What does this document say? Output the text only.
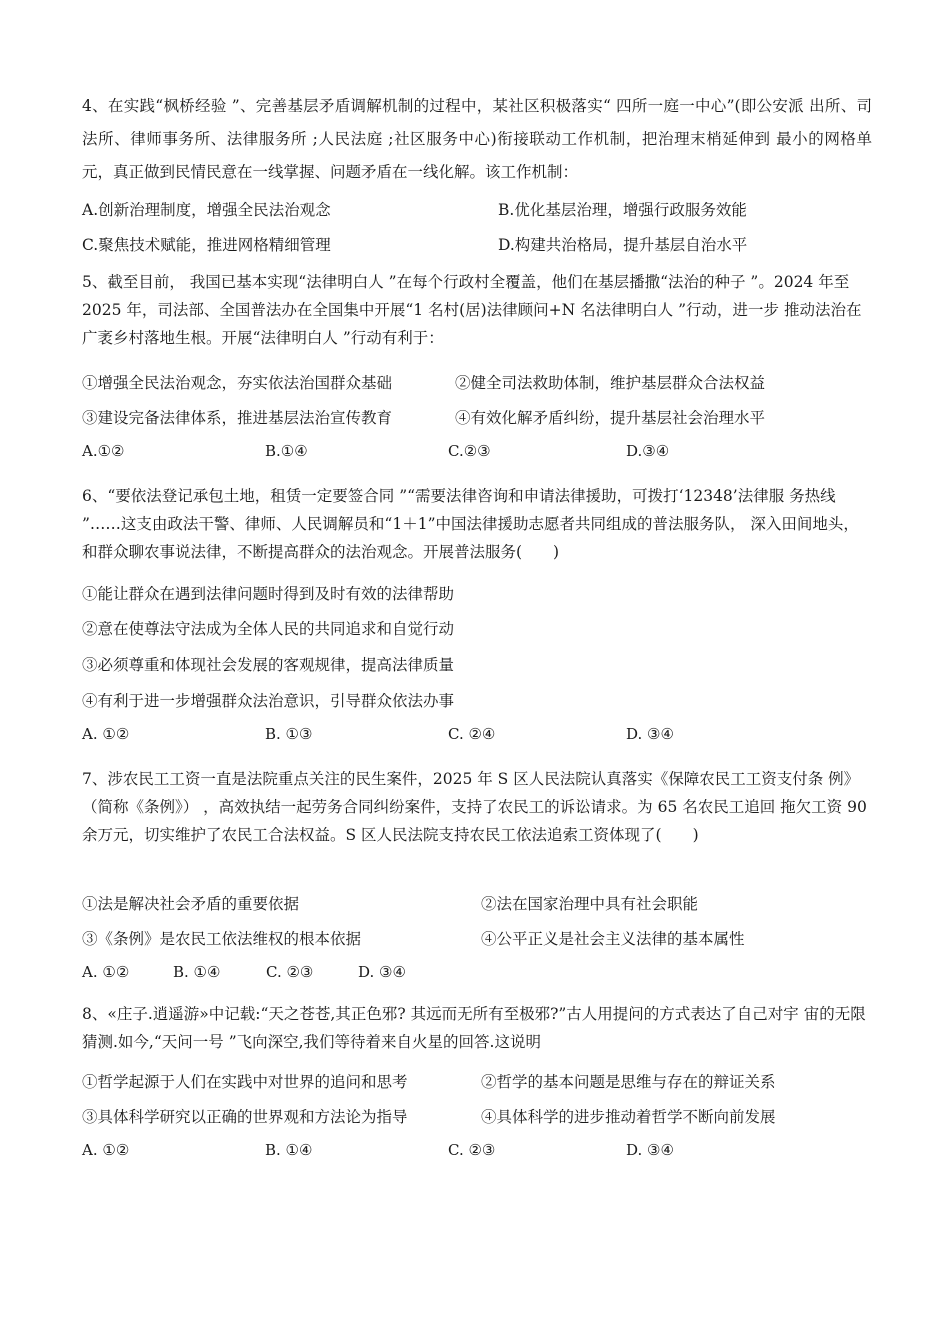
4、在实践“枫桥经验 ”、完善基层矛盾调解机制的过程中，某社区积极落实“ 四所一庭一中心”(即公安派 出所、司法所、律师事务所、法律服务所 ;人民法庭 ;社区服务中心)衔接联动工作机制，把治理末梢延伸到 最小的网格单元，真正做到民情民意在一线掌握、问题矛盾在一线化解。该工作机制：
A.创新治理制度，增强全民法治观念	B.优化基层治理，增强行政服务效能
C.聚焦技术赋能，推进网格精细管理	D.构建共治格局，提升基层自治水平
5、截至目前， 我国已基本实现“法律明白人 ”在每个行政村全覆盖，他们在基层播撒“法治的种子 ”。2024 年至 2025 年，司法部、全国普法办在全国集中开展“1 名村(居)法律顾问+N 名法律明白人 ”行动，进一步 推动法治在广袤乡村落地生根。开展“法律明白人 ”行动有利于：
①增强全民法治观念，夯实依法治国群众基础	②健全司法救助体制，维护基层群众合法权益
③建设完备法律体系，推进基层法治宣传教育	④有效化解矛盾纠纷，提升基层社会治理水平
A.①②	B.①④	C.②③	D.③④
6、“要依法登记承包土地，租赁一定要签合同 ”“需要法律咨询和申请法律援助，可拨打‘12348’法律服 务热线 ”……这支由政法干警、律师、人民调解员和“1＋1”中国法律援助志愿者共同组成的普法服务队， 深入田间地头，和群众聊农事说法律，不断提高群众的法治观念。开展普法服务(　　)
①能让群众在遇到法律问题时得到及时有效的法律帮助
②意在使尊法守法成为全体人民的共同追求和自觉行动
③必须尊重和体现社会发展的客观规律，提高法律质量
④有利于进一步增强群众法治意识，引导群众依法办事
A. ①②	B. ①③	C. ②④	D. ③④
7、涉农民工工资一直是法院重点关注的民生案件，2025 年 S 区人民法院认真落实《保障农民工工资支付条 例》（简称《条例》） ，高效执结一起劳务合同纠纷案件，支持了农民工的诉讼请求。为 65 名农民工追回 拖欠工资 90 余万元，切实维护了农民工合法权益。S 区人民法院支持农民工依法追索工资体现了(　　)
①法是解决社会矛盾的重要依据	②法在国家治理中具有社会职能
③《条例》是农民工依法维权的根本依据	④公平正义是社会主义法律的基本属性
A. ①②	B. ①④	C. ②③	D. ③④
8、«庄子.逍遥游»中记载:“天之苍苍,其正色邪? 其远而无所有至极邪?”古人用提问的方式表达了自己对宇 宙的无限猜测.如今,“天问一号 ”飞向深空,我们等待着来自火星的回答.这说明
①哲学起源于人们在实践中对世界的追问和思考	②哲学的基本问题是思维与存在的辩证关系
③具体科学研究以正确的世界观和方法论为指导	④具体科学的进步推动着哲学不断向前发展
A. ①②	B. ①④	C. ②③	D. ③④
